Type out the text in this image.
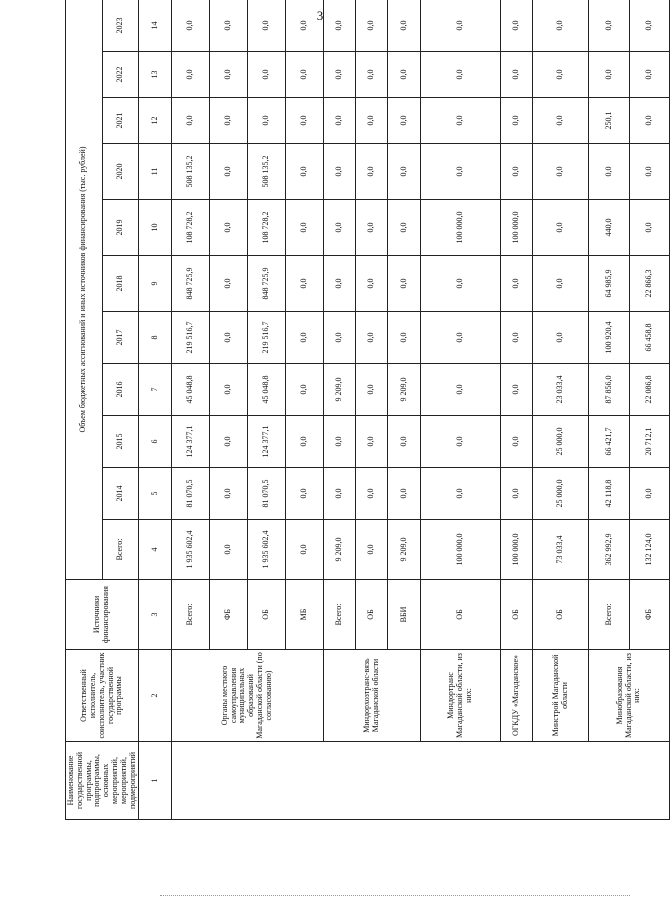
3
Наименование государственной программы, подпрограммы, основных мероприятий, мероприятий, подмероприятий	Ответственный исполнитель, соисполнитель, участник государственной программы	Источники финансирования	Объем бюджетных ассигнований и иных источников финансирования (тыс. рублей)										
			Всего:	2014	2015	2016	2017	2018	2019	2020	2021	2022	2023
1	2	3	4	5	6	7	8	9	10	11	12	13	14
	Органы местного самоуправления муниципальных образований Магаданской области (по согласованию)	Всего:	1 935 602,4	81 070,5	124 377,1	45 048,8	219 516,7	848 725,9	108 728,2	508 135,2	0,0	0,0	0,0
		ФБ	0,0	0,0	0,0	0,0	0,0	0,0	0,0	0,0	0,0	0,0	0,0
		ОБ	1 935 602,4	81 070,5	124 377,1	45 048,8	219 516,7	848 725,9	108 728,2	508 135,2	0,0	0,0	0,0
		МБ	0,0	0,0	0,0	0,0	0,0	0,0	0,0	0,0	0,0	0,0	0,0
	Миндорхозтранс-вязь Магаданской области	Всего:	9 209,0	0,0	0,0	9 209,0	0,0	0,0	0,0	0,0	0,0	0,0	0,0
		ОБ	0,0	0,0	0,0	0,0	0,0	0,0	0,0	0,0	0,0	0,0	0,0
		ВБИ	9 209,0	0,0	0,0	9 209,0	0,0	0,0	0,0	0,0	0,0	0,0	0,0
	Миндортранс Магаданской области, из них:	ОБ	100 000,0	0,0	0,0	0,0	0,0	0,0	100 000,0	0,0	0,0	0,0	0,0
	ОГКДУ «Магаданское»	ОБ	100 000,0	0,0	0,0	0,0	0,0	0,0	100 000,0	0,0	0,0	0,0	0,0
	Минстрой Магаданской области	ОБ	73 033,4	25 000,0	25 000,0	23 033,4	0,0	0,0	0,0	0,0	0,0	0,0	0,0
	Минобразования Магаданской области, из них:	Всего:	362 992,9	42 118,8	66 421,7	87 856,0	100 920,4	64 985,9	440,0	0,0	250,1	0,0	0,0
		ФБ	132 124,0	0,0	20 712,1	22 086,8	66 458,8	22 866,3	0,0	0,0	0,0	0,0	0,0
